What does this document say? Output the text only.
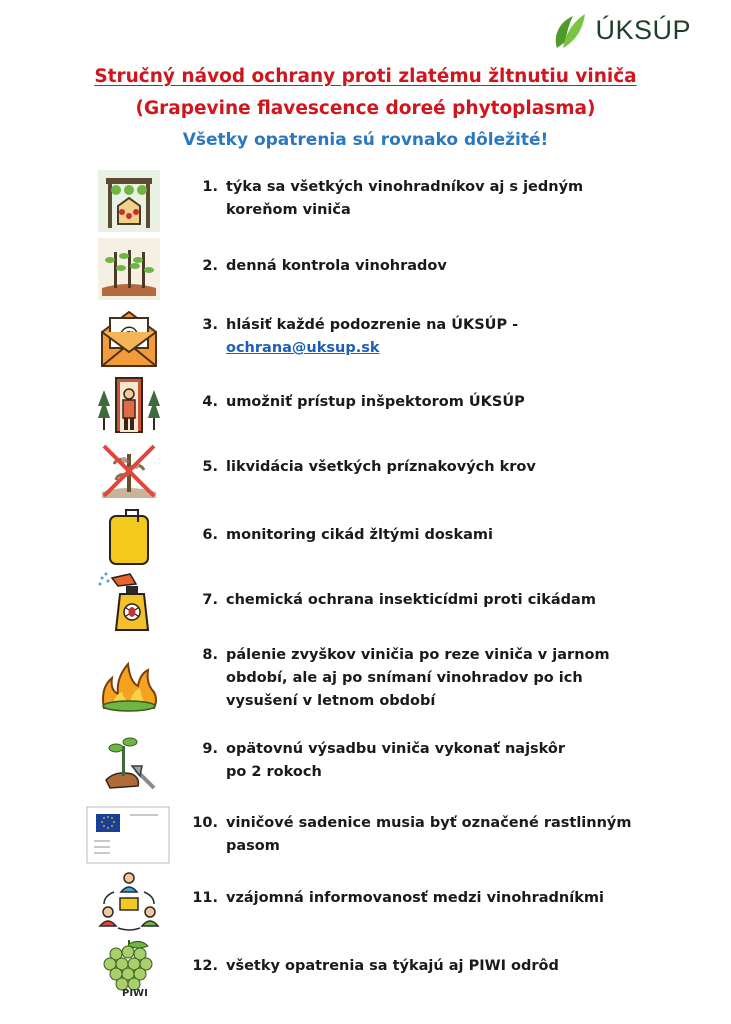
ÚKSÚP
Stručný návod ochrany proti zlatému žltnutiu viniča
(Grapevine flavescence doreé phytoplasma)
Všetky opatrenia sú rovnako dôležité!
1. týka sa všetkých vinohradníkov aj s jedným
koreňom viniča
2. denná kontrola vinohradov
3. hlásiť každé podozrenie na ÚKSÚP -
ochrana@uksup.sk
4. umožniť prístup inšpektorom ÚKSÚP
5. likvidácia všetkých príznakových krov
6. monitoring cikád žltými doskami
7. chemická ochrana insekticídmi proti cikádam
8. pálenie zvyškov viničia po reze viniča v jarnom
období, ale aj po snímaní vinohradov po ich
vysušení v letnom období
9. opätovnú výsadbu viniča vykonať najskôr
po 2 rokoch
10. viničové sadenice musia byť označené rastlinným
pasom
11. vzájomná informovanosť medzi vinohradníkmi
PIWI
12. všetky opatrenia sa týkajú aj PIWI odrôd
